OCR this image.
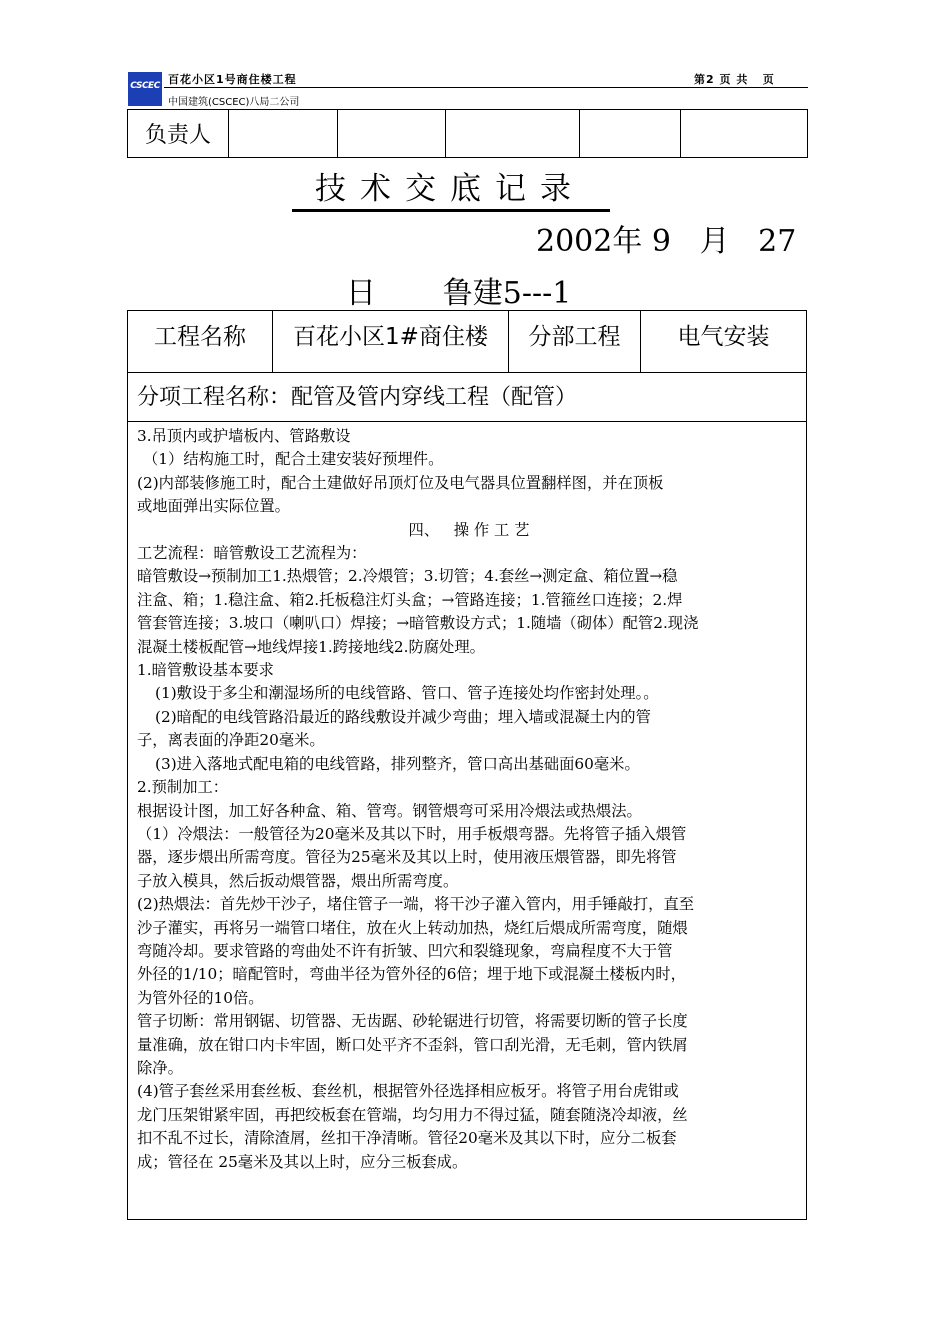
CSCEC 百花小区1号商住楼工程	第2 页 共   页
中国建筑(CSCEC)八局二公司
负责人					
技术交底记录
2002年 9   月   27
日       鲁建5---1
工程名称	百花小区1#商住楼	分部工程	电气安装
分项工程名称：配管及管内穿线工程（配管）

3.吊顶内或护墙板内、管路敷设

（1）结构施工时，配合土建安装好预埋件。

(2)内部装修施工时，配合土建做好吊顶灯位及电气器具位置翻样图，并在顶板

或地面弹出实际位置。

四、   操 作 工 艺

工艺流程：暗管敷设工艺流程为：

暗管敷设→预制加工1.热煨管；2.冷煨管；3.切管；4.套丝→测定盒、箱位置→稳

注盒、箱；1.稳注盒、箱2.托板稳注灯头盒；→管路连接；1.管箍丝口连接；2.焊

管套管连接；3.坡口（喇叭口）焊接；→暗管敷设方式；1.随墙（砌体）配管2.现浇

混凝土楼板配管→地线焊接1.跨接地线2.防腐处理。

1.暗管敷设基本要求

(1)敷设于多尘和潮湿场所的电线管路、管口、管子连接处均作密封处理。。

(2)暗配的电线管路沿最近的路线敷设并减少弯曲；埋入墙或混凝土内的管

子，离表面的净距20毫米。

(3)进入落地式配电箱的电线管路，排列整齐，管口高出基础面60毫米。

2.预制加工：

根据设计图，加工好各种盒、箱、管弯。钢管煨弯可采用冷煨法或热煨法。

（1）冷煨法：一般管径为20毫米及其以下时，用手板煨弯器。先将管子插入煨管

器，逐步煨出所需弯度。管径为25毫米及其以上时，使用液压煨管器，即先将管

子放入模具，然后扳动煨管器，煨出所需弯度。

(2)热煨法：首先炒干沙子，堵住管子一端，将干沙子灌入管内，用手锤敲打，直至

沙子灌实，再将另一端管口堵住，放在火上转动加热，烧红后煨成所需弯度，随煨

弯随冷却。要求管路的弯曲处不许有折皱、凹穴和裂缝现象，弯扁程度不大于管

外径的1/10；暗配管时，弯曲半径为管外径的6倍；埋于地下或混凝土楼板内时，

为管外径的10倍。

管子切断：常用钢锯、切管器、无齿踞、砂轮锯进行切管，将需要切断的管子长度

量准确，放在钳口内卡牢固，断口处平齐不歪斜，管口刮光滑，无毛刺，管内铁屑

除净。

(4)管子套丝采用套丝板、套丝机，根据管外径选择相应板牙。将管子用台虎钳或

龙门压架钳紧牢固，再把绞板套在管端，均匀用力不得过猛，随套随浇冷却液，丝

扣不乱不过长，清除渣屑，丝扣干净清晰。管径20毫米及其以下时，应分二板套

成；管径在 25毫米及其以上时，应分三板套成。
